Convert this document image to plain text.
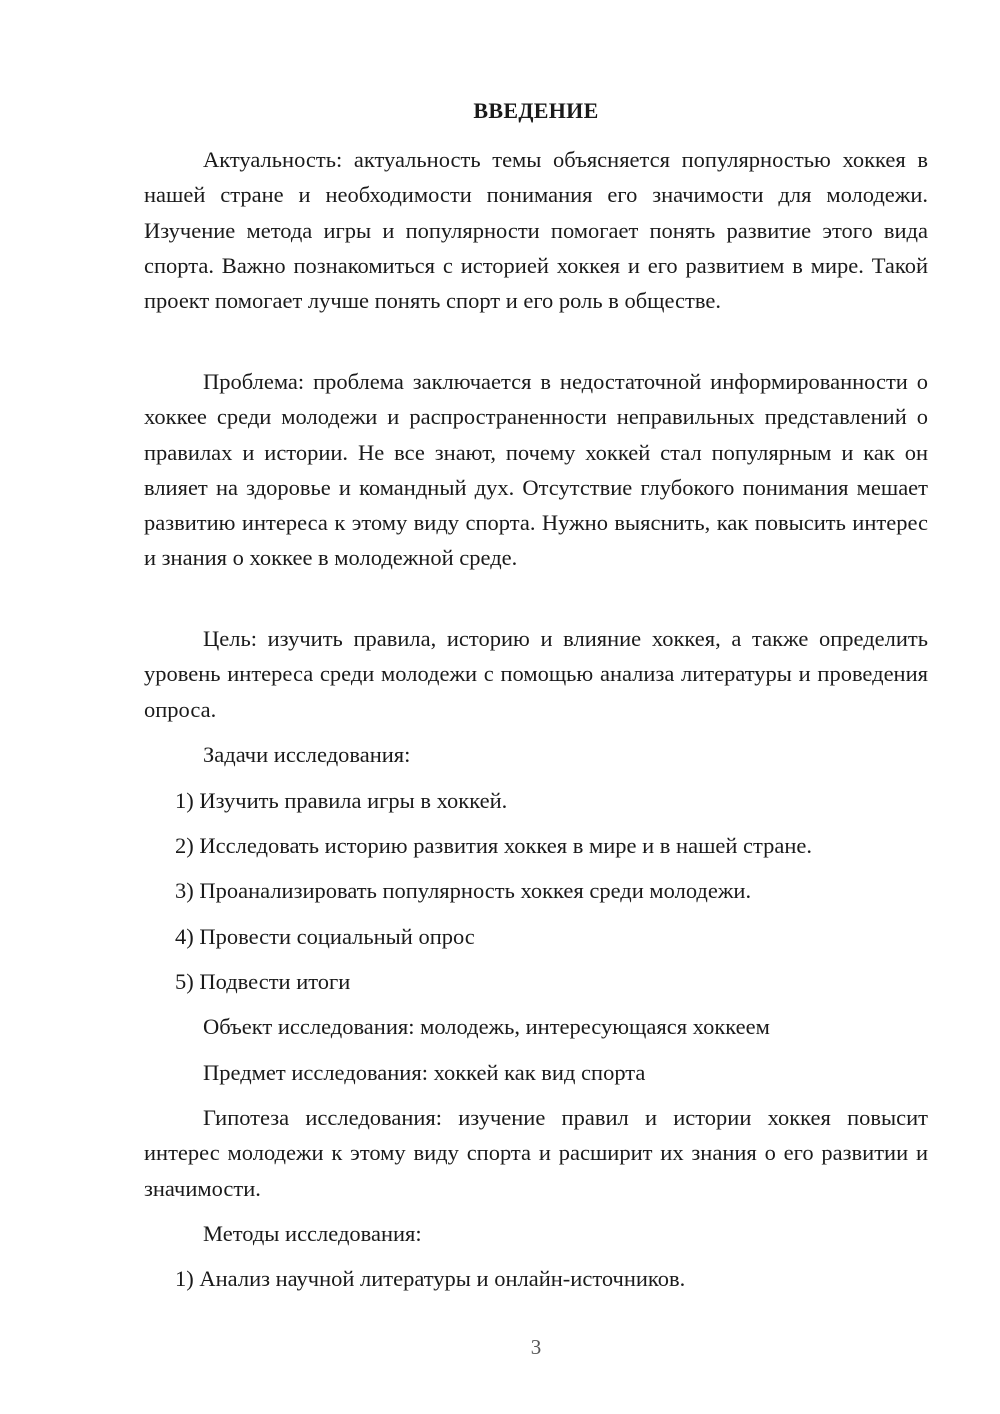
ВВЕДЕНИЕ

Актуальность: актуальность темы объясняется популярностью хоккея в нашей стране и необходимости понимания его значимости для молодежи. Изучение метода игры и популярности помогает понять развитие этого вида спорта. Важно познакомиться с историей хоккея и его развитием в мире. Такой проект помогает лучше понять спорт и его роль в обществе.

Проблема: проблема заключается в недостаточной информированности о хоккее среди молодежи и распространенности неправильных представлений о правилах и истории. Не все знают, почему хоккей стал популярным и как он влияет на здоровье и командный дух. Отсутствие глубокого понимания мешает развитию интереса к этому виду спорта. Нужно выяснить, как повысить интерес и знания о хоккее в молодежной среде.

Цель: изучить правила, историю и влияние хоккея, а также определить уровень интереса среди молодежи с помощью анализа литературы и проведения опроса.

Задачи исследования:

1) Изучить правила игры в хоккей.

2) Исследовать историю развития хоккея в мире и в нашей стране.

3) Проанализировать популярность хоккея среди молодежи.

4) Провести социальный опрос

5) Подвести итоги

Объект исследования: молодежь, интересующаяся хоккеем

Предмет исследования: хоккей как вид спорта

Гипотеза исследования: изучение правил и истории хоккея повысит интерес молодежи к этому виду спорта и расширит их знания о его развитии и значимости.

Методы исследования:

1) Анализ научной литературы и онлайн-источников.

3
